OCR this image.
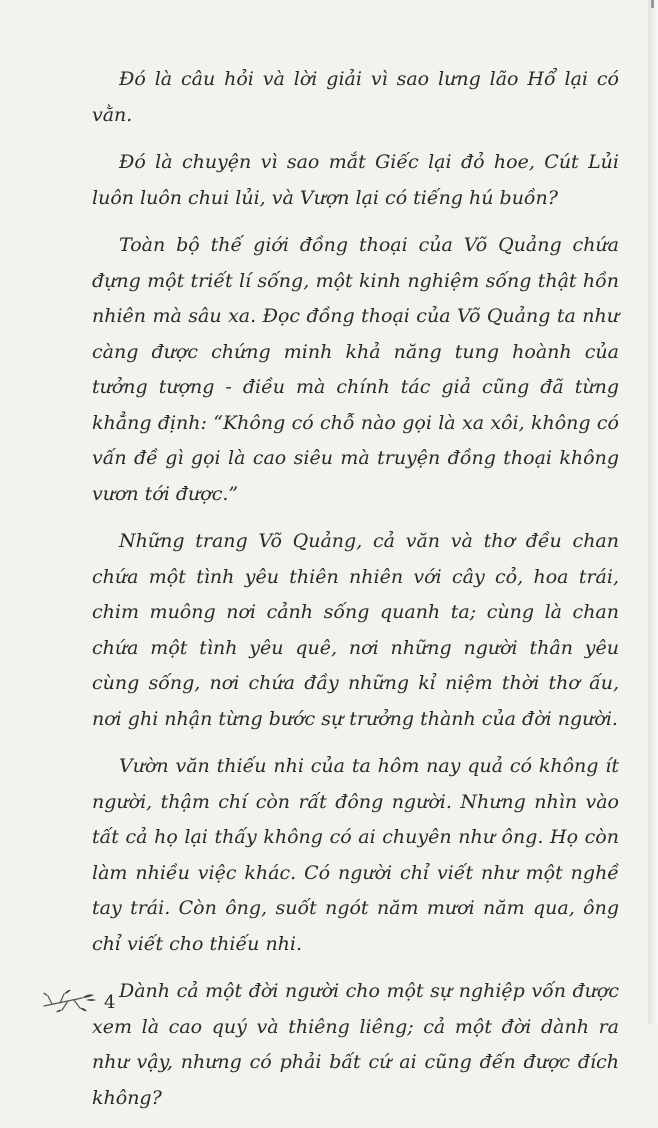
Đó là câu hỏi và lời giải vì sao lưng lão Hổ lại có vằn.

Đó là chuyện vì sao mắt Giếc lại đỏ hoe, Cút Lủi luôn luôn chui lủi, và Vượn lại có tiếng hú buồn?

Toàn bộ thế giới đồng thoại của Võ Quảng chứa đựng một triết lí sống, một kinh nghiệm sống thật hồn nhiên mà sâu xa. Đọc đồng thoại của Võ Quảng ta như càng được chứng minh khả năng tung hoành của tưởng tượng - điều mà chính tác giả cũng đã từng khẳng định: “Không có chỗ nào gọi là xa xôi, không có vấn đề gì gọi là cao siêu mà truyện đồng thoại không vươn tới được.”

Những trang Võ Quảng, cả văn và thơ đều chan chứa một tình yêu thiên nhiên với cây cỏ, hoa trái, chim muông nơi cảnh sống quanh ta; cùng là chan chứa một tình yêu quê, nơi những người thân yêu cùng sống, nơi chứa đầy những kỉ niệm thời thơ ấu, nơi ghi nhận từng bước sự trưởng thành của đời người.

Vườn văn thiếu nhi của ta hôm nay quả có không ít người, thậm chí còn rất đông người. Nhưng nhìn vào tất cả họ lại thấy không có ai chuyên như ông. Họ còn làm nhiều việc khác. Có người chỉ viết như một nghề tay trái. Còn ông, suốt ngót năm mươi năm qua, ông chỉ viết cho thiếu nhi.

Dành cả một đời người cho một sự nghiệp vốn được xem là cao quý và thiêng liêng; cả một đời dành ra như vậy, nhưng có phải bất cứ ai cũng đến được đích không?

4
